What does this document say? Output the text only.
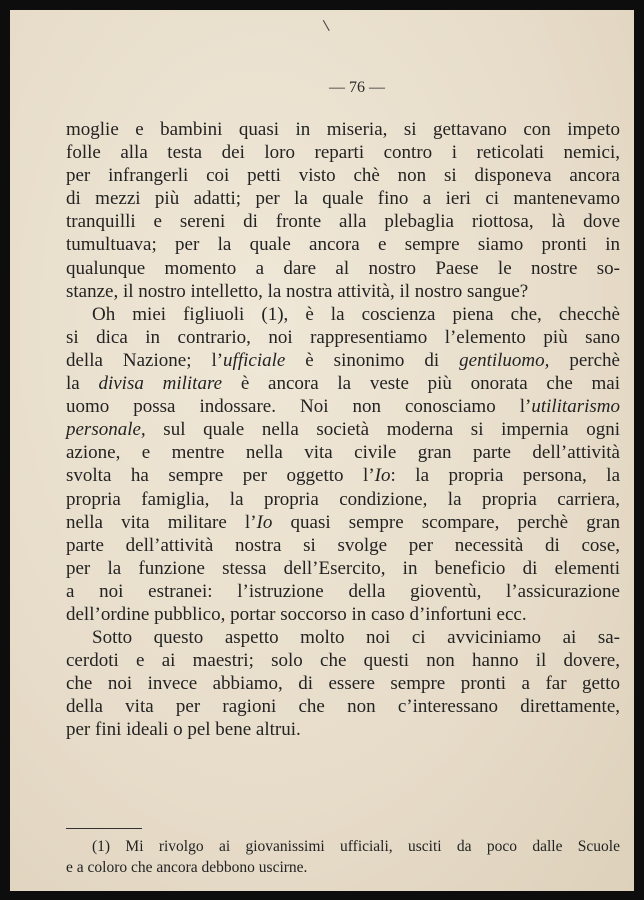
\
— 76 —
moglie e bambini quasi in miseria, si gettavano con impeto
folle alla testa dei loro reparti contro i reticolati nemici,
per infrangerli coi petti visto chè non si disponeva ancora
di mezzi più adatti; per la quale fino a ieri ci mantenevamo
tranquilli e sereni di fronte alla plebaglia riottosa, là dove
tumultuava; per la quale ancora e sempre siamo pronti in
qualunque momento a dare al nostro Paese le nostre so-
stanze, il nostro intelletto, la nostra attività, il nostro sangue?
Oh miei figliuoli (1), è la coscienza piena che, checchè
si dica in contrario, noi rappresentiamo l’elemento più sano
della Nazione; l’ufficiale è sinonimo di gentiluomo, perchè
la divisa militare è ancora la veste più onorata che mai
uomo possa indossare. Noi non conosciamo l’utilitarismo
personale, sul quale nella società moderna si impernia ogni
azione, e mentre nella vita civile gran parte dell’attività
svolta ha sempre per oggetto l’Io: la propria persona, la
propria famiglia, la propria condizione, la propria carriera,
nella vita militare l’Io quasi sempre scompare, perchè gran
parte dell’attività nostra si svolge per necessità di cose,
per la funzione stessa dell’Esercito, in beneficio di elementi
a noi estranei: l’istruzione della gioventù, l’assicurazione
dell’ordine pubblico, portar soccorso in caso d’infortuni ecc.
Sotto questo aspetto molto noi ci avviciniamo ai sa-
cerdoti e ai maestri; solo che questi non hanno il dovere,
che noi invece abbiamo, di essere sempre pronti a far getto
della vita per ragioni che non c’interessano direttamente,
per fini ideali o pel bene altrui.
(1) Mi rivolgo ai giovanissimi ufficiali, usciti da poco dalle Scuole
e a coloro che ancora debbono uscirne.
